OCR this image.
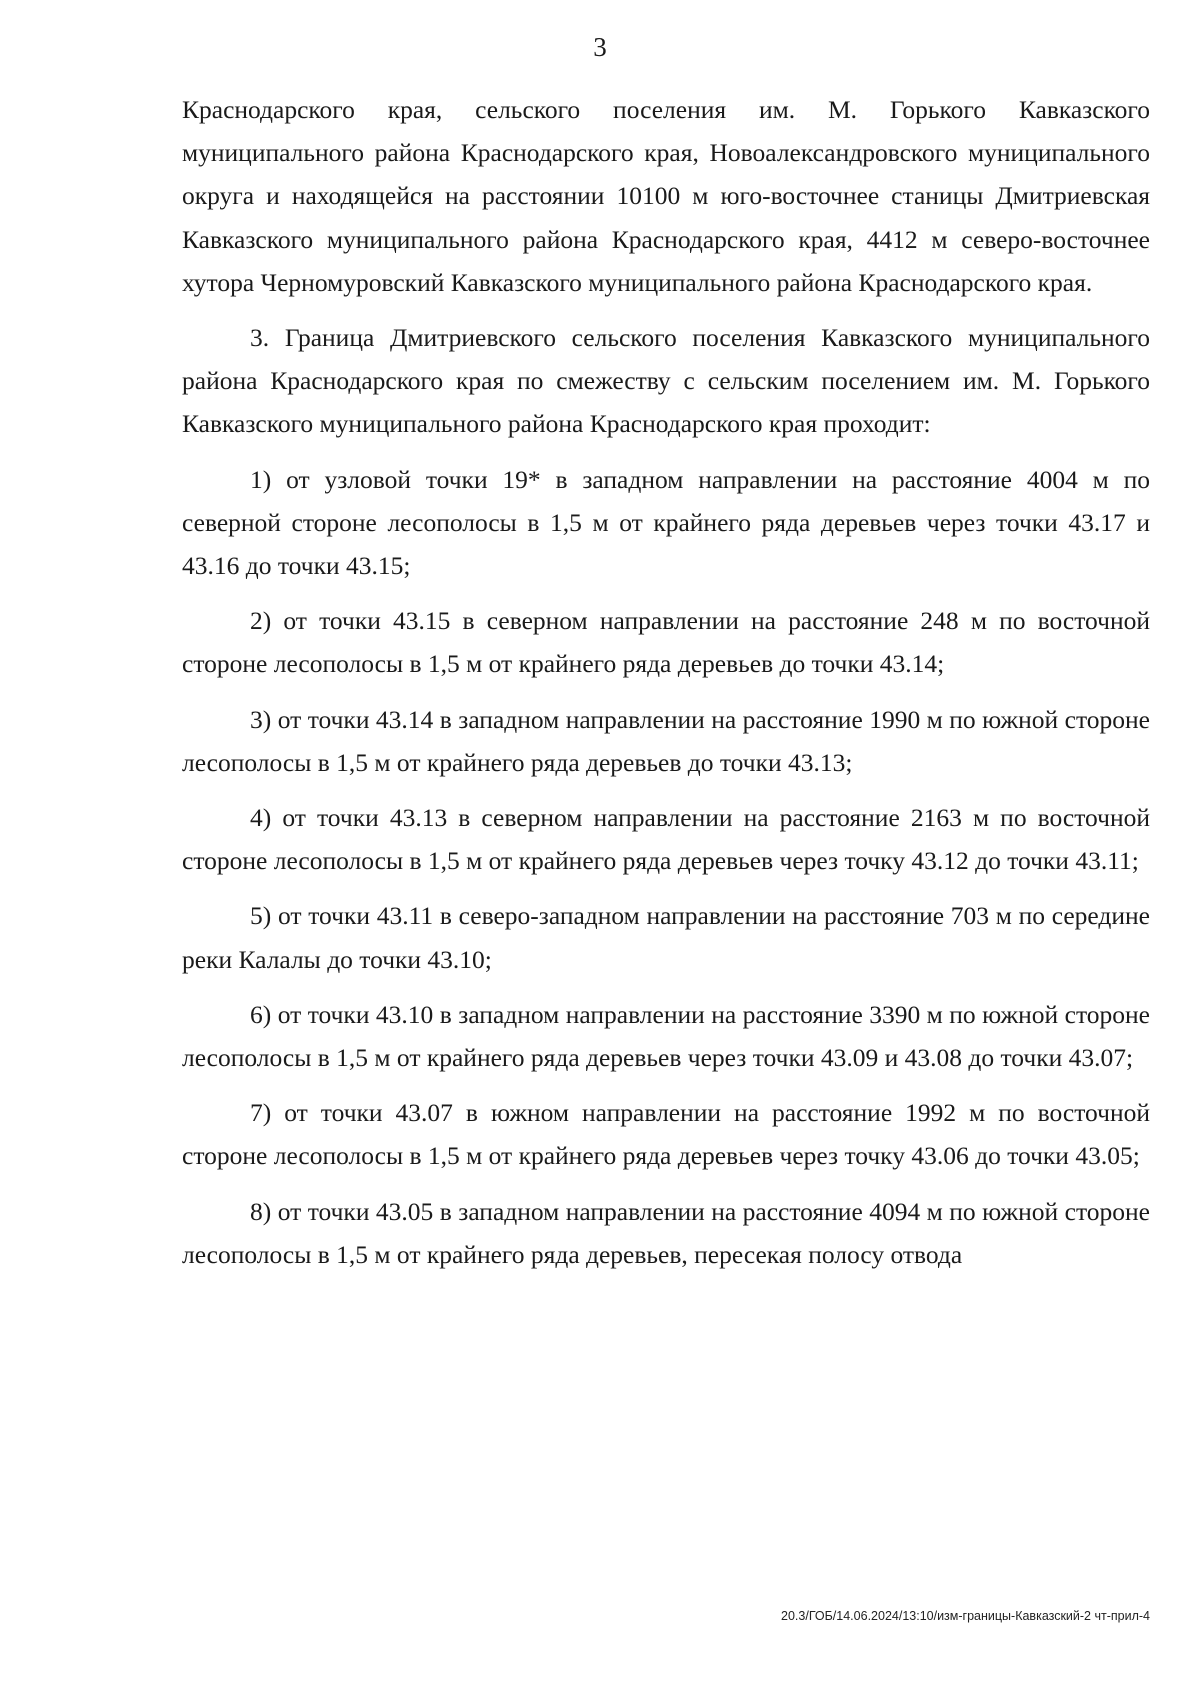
3

Краснодарского края, сельского поселения им. М. Горького Кавказского муниципального района Краснодарского края, Новоалександровского муниципального округа и находящейся на расстоянии 10100 м юго-восточнее станицы Дмитриевская Кавказского муниципального района Краснодарского края, 4412 м северо-восточнее хутора Черномуровский Кавказского муниципального района Краснодарского края.

3. Граница Дмитриевского сельского поселения Кавказского муниципального района Краснодарского края по смежеству с сельским поселением им. М. Горького Кавказского муниципального района Краснодарского края проходит:

1) от узловой точки 19* в западном направлении на расстояние 4004 м по северной стороне лесополосы в 1,5 м от крайнего ряда деревьев через точки 43.17 и 43.16 до точки 43.15;

2) от точки 43.15 в северном направлении на расстояние 248 м по восточной стороне лесополосы в 1,5 м от крайнего ряда деревьев до точки 43.14;

3) от точки 43.14 в западном направлении на расстояние 1990 м по южной стороне лесополосы в 1,5 м от крайнего ряда деревьев до точки 43.13;

4) от точки 43.13 в северном направлении на расстояние 2163 м по восточной стороне лесополосы в 1,5 м от крайнего ряда деревьев через точку 43.12 до точки 43.11;

5) от точки 43.11 в северо-западном направлении на расстояние 703 м по середине реки Калалы до точки 43.10;

6) от точки 43.10 в западном направлении на расстояние 3390 м по южной стороне лесополосы в 1,5 м от крайнего ряда деревьев через точки 43.09 и 43.08 до точки 43.07;

7) от точки 43.07 в южном направлении на расстояние 1992 м по восточной стороне лесополосы в 1,5 м от крайнего ряда деревьев через точку 43.06 до точки 43.05;

8) от точки 43.05 в западном направлении на расстояние 4094 м по южной стороне лесополосы в 1,5 м от крайнего ряда деревьев, пересекая полосу отвода

20.3/ГОБ/14.06.2024/13:10/изм-границы-Кавказский-2 чт-прил-4
